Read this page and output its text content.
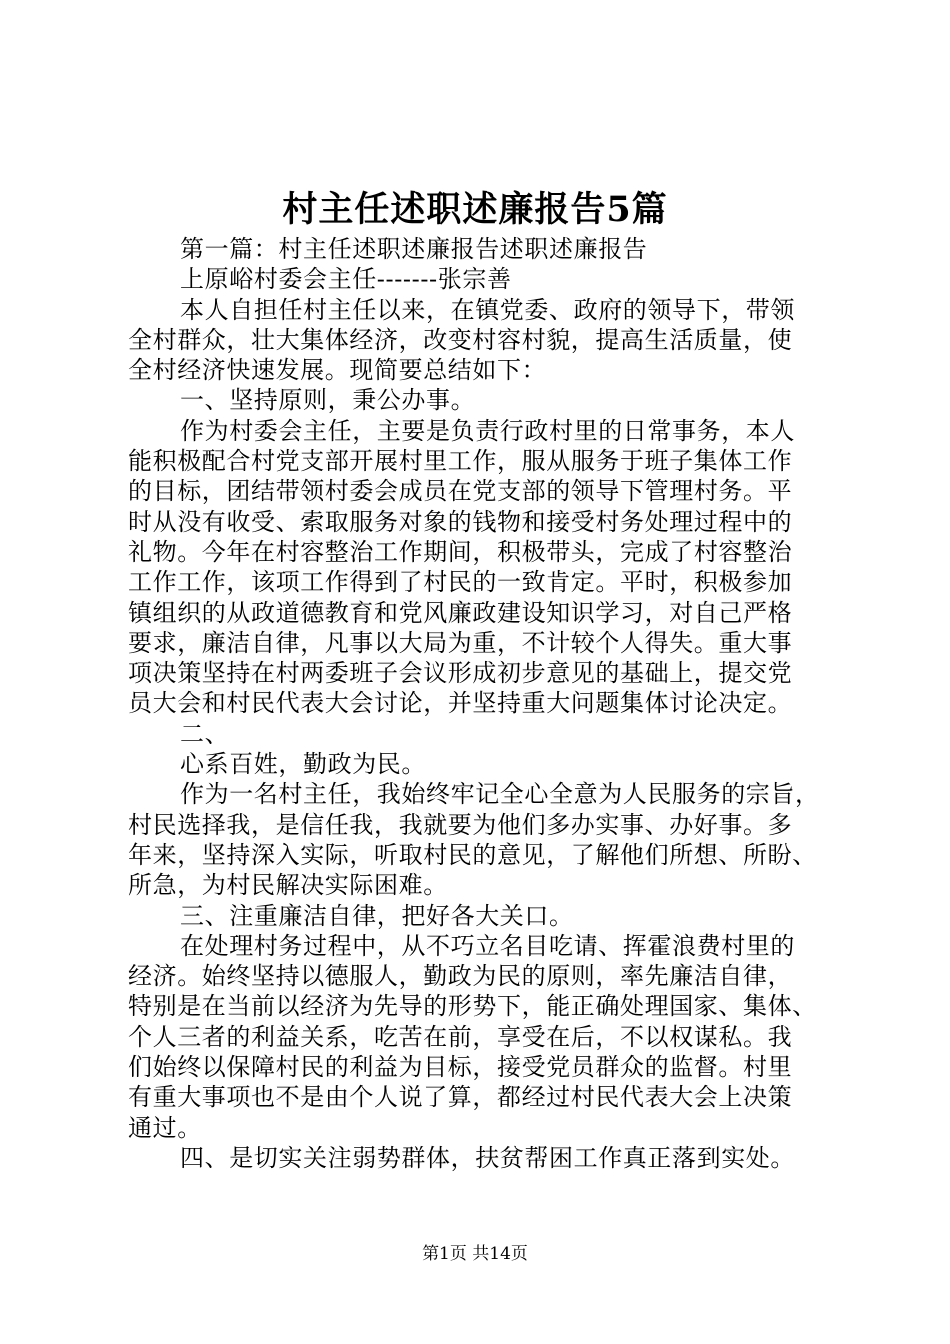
村主任述职述廉报告5篇
第一篇：村主任述职述廉报告述职述廉报告
上原峪村委会主任-------张宗善
本人自担任村主任以来，在镇党委、政府的领导下，带领
全村群众，壮大集体经济，改变村容村貌，提高生活质量，使
全村经济快速发展。现简要总结如下：
一、坚持原则，秉公办事。
作为村委会主任，主要是负责行政村里的日常事务，本人
能积极配合村党支部开展村里工作，服从服务于班子集体工作
的目标，团结带领村委会成员在党支部的领导下管理村务。平
时从没有收受、索取服务对象的钱物和接受村务处理过程中的
礼物。今年在村容整治工作期间，积极带头，完成了村容整治
工作工作，该项工作得到了村民的一致肯定。平时，积极参加
镇组织的从政道德教育和党风廉政建设知识学习，对自己严格
要求，廉洁自律，凡事以大局为重，不计较个人得失。重大事
项决策坚持在村两委班子会议形成初步意见的基础上，提交党
员大会和村民代表大会讨论，并坚持重大问题集体讨论决定。
二、
心系百姓，勤政为民。
作为一名村主任，我始终牢记全心全意为人民服务的宗旨，
村民选择我，是信任我，我就要为他们多办实事、办好事。多
年来，坚持深入实际，听取村民的意见，了解他们所想、所盼、
所急，为村民解决实际困难。
三、注重廉洁自律，把好各大关口。
在处理村务过程中，从不巧立名目吃请、挥霍浪费村里的
经济。始终坚持以德服人，勤政为民的原则，率先廉洁自律，
特别是在当前以经济为先导的形势下，能正确处理国家、集体、
个人三者的利益关系，吃苦在前，享受在后，不以权谋私。我
们始终以保障村民的利益为目标，接受党员群众的监督。村里
有重大事项也不是由个人说了算，都经过村民代表大会上决策
通过。
四、是切实关注弱势群体，扶贫帮困工作真正落到实处。
第1页 共14页
